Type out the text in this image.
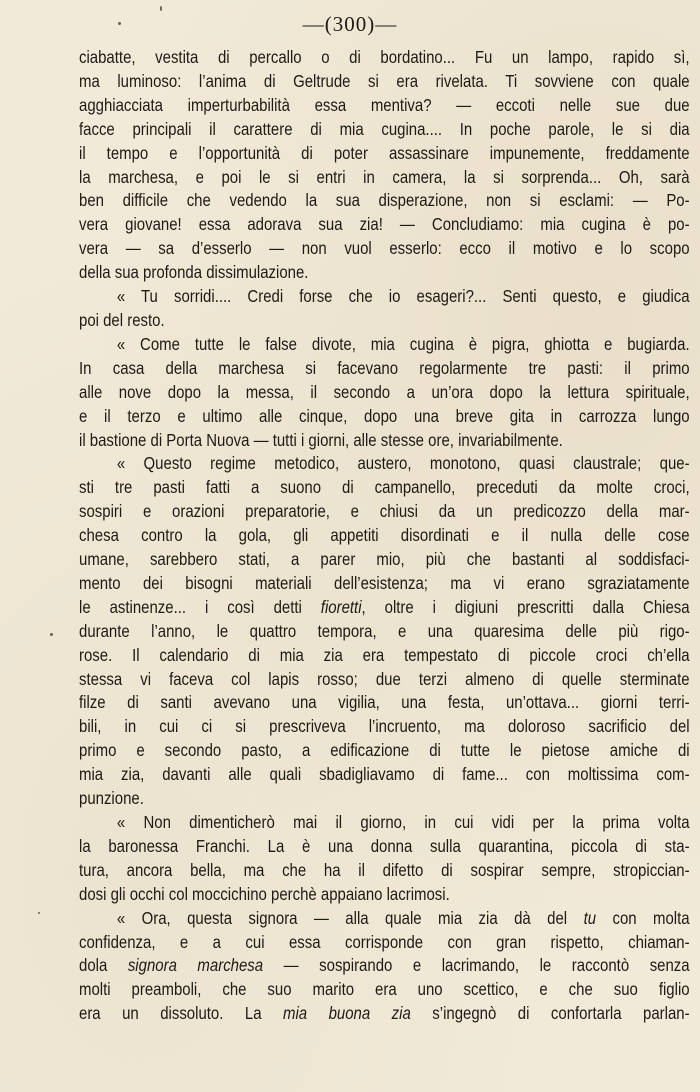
—(300)—
ciabatte, vestita di percallo o di bordatino... Fu un lampo, rapido sì,
ma luminoso: l’anima di Geltrude si era rivelata. Ti sovviene con quale
agghiacciata imperturbabilità essa mentiva? — eccoti nelle sue due
facce principali il carattere di mia cugina.... In poche parole, le si dia
il tempo e l’opportunità di poter assassinare impunemente, freddamente
la marchesa, e poi le si entri in camera, la si sorprenda... Oh, sarà
ben difficile che vedendo la sua disperazione, non si esclami: — Po-
vera giovane! essa adorava sua zia! — Concludiamo: mia cugina è po-
vera — sa d’esserlo — non vuol esserlo: ecco il motivo e lo scopo
della sua profonda dissimulazione.
« Tu sorridi.... Credi forse che io esageri?... Senti questo, e giudica
poi del resto.
« Come tutte le false divote, mia cugina è pigra, ghiotta e bugiarda.
In casa della marchesa si facevano regolarmente tre pasti: il primo
alle nove dopo la messa, il secondo a un’ora dopo la lettura spirituale,
e il terzo e ultimo alle cinque, dopo una breve gita in carrozza lungo
il bastione di Porta Nuova — tutti i giorni, alle stesse ore, invariabilmente.
« Questo regime metodico, austero, monotono, quasi claustrale; que-
sti tre pasti fatti a suono di campanello, preceduti da molte croci,
sospiri e orazioni preparatorie, e chiusi da un predicozzo della mar-
chesa contro la gola, gli appetiti disordinati e il nulla delle cose
umane, sarebbero stati, a parer mio, più che bastanti al soddisfaci-
mento dei bisogni materiali dell’esistenza; ma vi erano sgraziatamente
le astinenze... i così detti fioretti, oltre i digiuni prescritti dalla Chiesa
durante l’anno, le quattro tempora, e una quaresima delle più rigo-
rose. Il calendario di mia zia era tempestato di piccole croci ch’ella
stessa vi faceva col lapis rosso; due terzi almeno di quelle sterminate
filze di santi avevano una vigilia, una festa, un’ottava... giorni terri-
bili, in cui ci si prescriveva l’incruento, ma doloroso sacrificio del
primo e secondo pasto, a edificazione di tutte le pietose amiche di
mia zia, davanti alle quali sbadigliavamo di fame... con moltissima com-
punzione.
« Non dimenticherò mai il giorno, in cui vidi per la prima volta
la baronessa Franchi. La è una donna sulla quarantina, piccola di sta-
tura, ancora bella, ma che ha il difetto di sospirar sempre, stropiccian-
dosi gli occhi col moccichino perchè appaiano lacrimosi.
« Ora, questa signora — alla quale mia zia dà del tu con molta
confidenza, e a cui essa corrisponde con gran rispetto, chiaman-
dola signora marchesa — sospirando e lacrimando, le raccontò senza
molti preamboli, che suo marito era uno scettico, e che suo figlio
era un dissoluto. La mia buona zia s’ingegnò di confortarla parlan-
